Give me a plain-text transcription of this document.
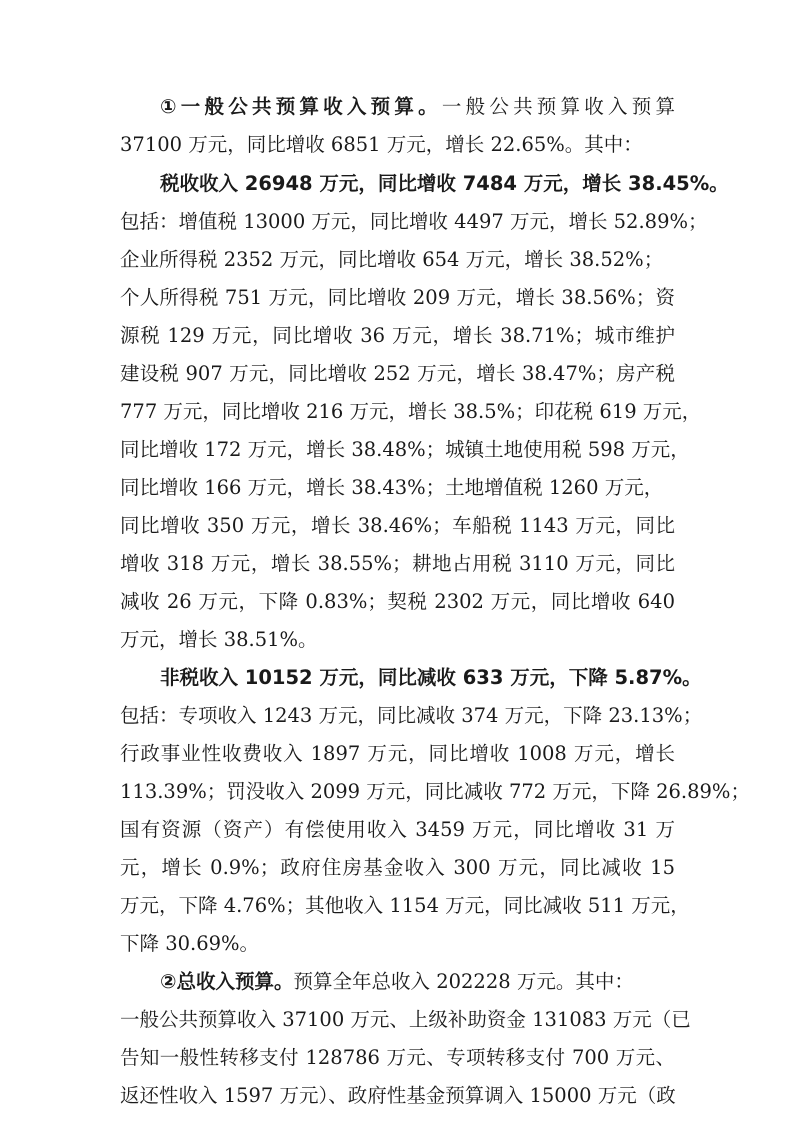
①一般公共预算收入预算。一般公共预算收入预算
37100 万元，同比增收 6851 万元，增长 22.65%。其中：
税收收入 26948 万元，同比增收 7484 万元，增长 38.45%。
包括：增值税 13000 万元，同比增收 4497 万元，增长 52.89%；
企业所得税 2352 万元，同比增收 654 万元，增长 38.52%；
个人所得税 751 万元，同比增收 209 万元，增长 38.56%；资
源税 129 万元，同比增收 36 万元，增长 38.71%；城市维护
建设税 907 万元，同比增收 252 万元，增长 38.47%；房产税
777 万元，同比增收 216 万元，增长 38.5%；印花税 619 万元，
同比增收 172 万元，增长 38.48%；城镇土地使用税 598 万元，
同比增收 166 万元，增长 38.43%；土地增值税 1260 万元，
同比增收 350 万元，增长 38.46%；车船税 1143 万元，同比
增收 318 万元，增长 38.55%；耕地占用税 3110 万元，同比
减收 26 万元，下降 0.83%；契税 2302 万元，同比增收 640
万元，增长 38.51%。
非税收入 10152 万元，同比减收 633 万元，下降 5.87%。
包括：专项收入 1243 万元，同比减收 374 万元，下降 23.13%；
行政事业性收费收入 1897 万元，同比增收 1008 万元，增长
113.39%；罚没收入 2099 万元，同比减收 772 万元，下降 26.89%；
国有资源（资产）有偿使用收入 3459 万元，同比增收 31 万
元，增长 0.9%；政府住房基金收入 300 万元，同比减收 15
万元，下降 4.76%；其他收入 1154 万元，同比减收 511 万元，
下降 30.69%。
②总收入预算。预算全年总收入 202228 万元。其中：
一般公共预算收入 37100 万元、上级补助资金 131083 万元（已
告知一般性转移支付 128786 万元、专项转移支付 700 万元、
返还性收入 1597 万元）、政府性基金预算调入 15000 万元（政
